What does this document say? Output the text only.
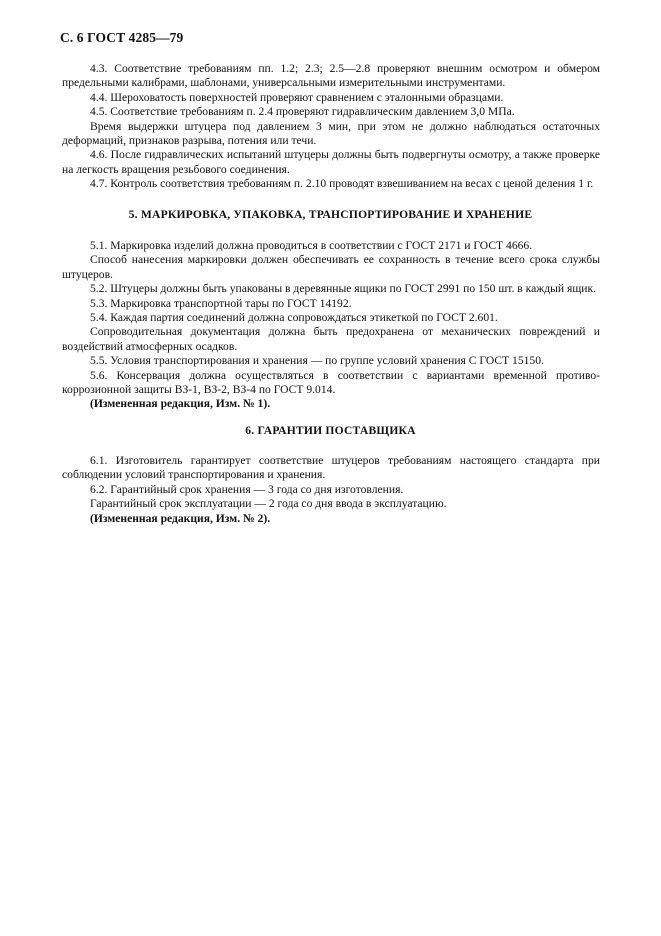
С. 6 ГОСТ 4285—79

4.3. Соответствие требованиям пп. 1.2; 2.3; 2.5—2.8 проверяют внешним осмотром и обмером предельными калибрами, шаблонами, универсальными измерительными инструментами.

4.4. Шероховатость поверхностей проверяют сравнением с эталонными образцами.

4.5. Соответствие требованиям п. 2.4 проверяют гидравлическим давлением 3,0 МПа.

Время выдержки штуцера под давлением 3 мин, при этом не должно наблюдаться остаточных деформаций, признаков разрыва, потения или течи.

4.6. После гидравлических испытаний штуцеры должны быть подвергнуты осмотру, а также проверке на легкость вращения резьбового соединения.

4.7. Контроль соответствия требованиям п. 2.10 проводят взвешиванием на весах с ценой деления 1 г.

5. МАРКИРОВКА, УПАКОВКА, ТРАНСПОРТИРОВАНИЕ И ХРАНЕНИЕ

5.1. Маркировка изделий должна проводиться в соответствии с ГОСТ 2171 и ГОСТ 4666.

Способ нанесения маркировки должен обеспечивать ее сохранность в течение всего срока службы штуцеров.

5.2. Штуцеры должны быть упакованы в деревянные ящики по ГОСТ 2991 по 150 шт. в каждый ящик.

5.3. Маркировка транспортной тары по ГОСТ 14192.

5.4. Каждая партия соединений должна сопровождаться этикеткой по ГОСТ 2.601.

Сопроводительная документация должна быть предохранена от механических повреждений и воздействий атмосферных осадков.

5.5. Условия транспортирования и хранения — по группе условий хранения С ГОСТ 15150.

5.6. Консервация должна осуществляться в соответствии с вариантами временной противо-коррозионной защиты ВЗ-1, ВЗ-2, ВЗ-4 по ГОСТ 9.014.

(Измененная редакция, Изм. № 1).

6. ГАРАНТИИ ПОСТАВЩИКА

6.1. Изготовитель гарантирует соответствие штуцеров требованиям настоящего стандарта при соблюдении условий транспортирования и хранения.

6.2. Гарантийный срок хранения — 3 года со дня изготовления.

Гарантийный срок эксплуатации — 2 года со дня ввода в эксплуатацию.

(Измененная редакция, Изм. № 2).
